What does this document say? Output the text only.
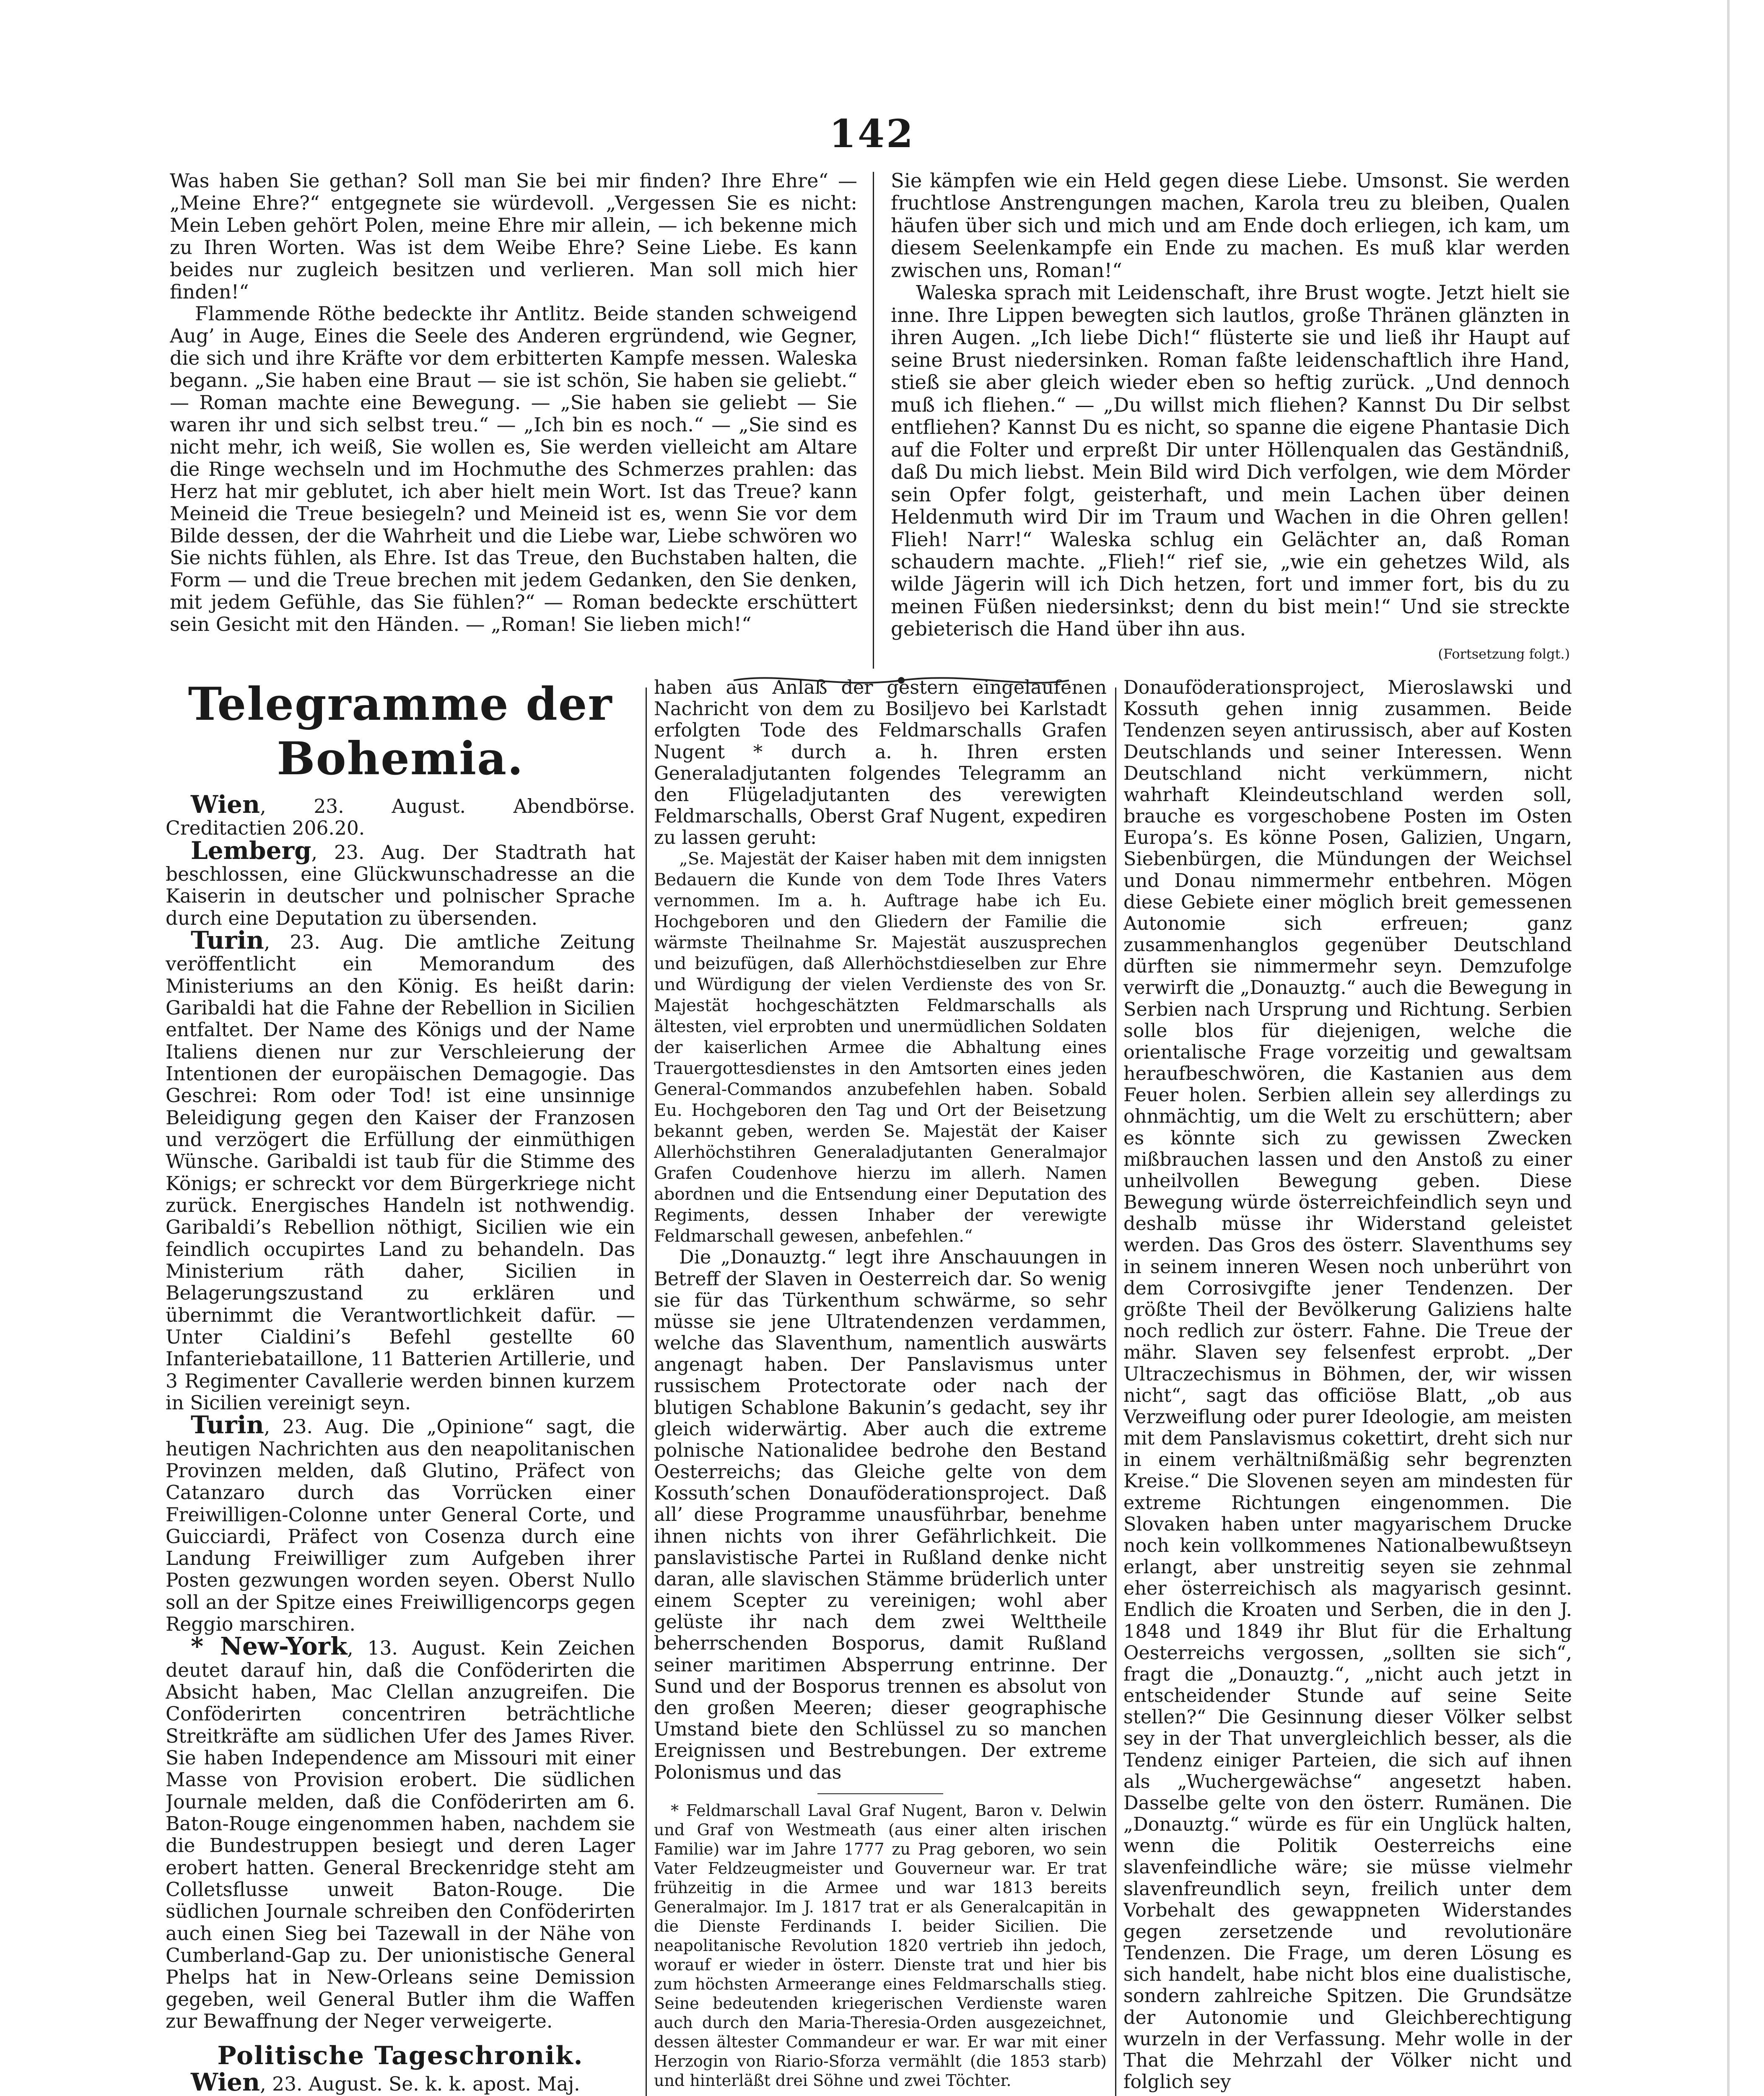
142

Was haben Sie gethan? Soll man Sie bei mir finden? Ihre Ehre“ — „Meine Ehre?“ entgegnete sie würdevoll. „Vergessen Sie es nicht: Mein Leben gehört Polen, meine Ehre mir allein, — ich bekenne mich zu Ihren Worten. Was ist dem Weibe Ehre? Seine Liebe. Es kann beides nur zugleich besitzen und verlieren. Man soll mich hier finden!“

Flammende Röthe bedeckte ihr Antlitz. Beide standen schweigend Aug’ in Auge, Eines die Seele des Anderen ergründend, wie Gegner, die sich und ihre Kräfte vor dem erbitterten Kampfe messen. Waleska begann. „Sie haben eine Braut — sie ist schön, Sie haben sie geliebt.“ — Roman machte eine Bewegung. — „Sie haben sie geliebt — Sie waren ihr und sich selbst treu.“ — „Ich bin es noch.“ — „Sie sind es nicht mehr, ich weiß, Sie wollen es, Sie werden vielleicht am Altare die Ringe wechseln und im Hochmuthe des Schmerzes prahlen: das Herz hat mir geblutet, ich aber hielt mein Wort. Ist das Treue? kann Meineid die Treue besiegeln? und Meineid ist es, wenn Sie vor dem Bilde dessen, der die Wahrheit und die Liebe war, Liebe schwören wo Sie nichts fühlen, als Ehre. Ist das Treue, den Buchstaben halten, die Form — und die Treue brechen mit jedem Gedanken, den Sie denken, mit jedem Gefühle, das Sie fühlen?“ — Roman bedeckte erschüttert sein Gesicht mit den Händen. — „Roman! Sie lieben mich!“

Sie kämpfen wie ein Held gegen diese Liebe. Umsonst. Sie werden fruchtlose Anstrengungen machen, Karola treu zu bleiben, Qualen häufen über sich und mich und am Ende doch erliegen, ich kam, um diesem Seelenkampfe ein Ende zu machen. Es muß klar werden zwischen uns, Roman!“

Waleska sprach mit Leidenschaft, ihre Brust wogte. Jetzt hielt sie inne. Ihre Lippen bewegten sich lautlos, große Thränen glänzten in ihren Augen. „Ich liebe Dich!“ flüsterte sie und ließ ihr Haupt auf seine Brust niedersinken. Roman faßte leidenschaftlich ihre Hand, stieß sie aber gleich wieder eben so heftig zurück. „Und dennoch muß ich fliehen.“ — „Du willst mich fliehen? Kannst Du Dir selbst entfliehen? Kannst Du es nicht, so spanne die eigene Phantasie Dich auf die Folter und erpreßt Dir unter Höllenqualen das Geständniß, daß Du mich liebst. Mein Bild wird Dich verfolgen, wie dem Mörder sein Opfer folgt, geisterhaft, und mein Lachen über deinen Heldenmuth wird Dir im Traum und Wachen in die Ohren gellen! Flieh! Narr!“ Waleska schlug ein Gelächter an, daß Roman schaudern machte. „Flieh!“ rief sie, „wie ein gehetzes Wild, als wilde Jägerin will ich Dich hetzen, fort und immer fort, bis du zu meinen Füßen niedersinkst; denn du bist mein!“ Und sie streckte gebieterisch die Hand über ihn aus.

(Fortsetzung folgt.)
Telegramme der Bohemia.

Wien, 23. August. Abendbörse. Creditactien 206.20.

Lemberg, 23. Aug. Der Stadtrath hat beschlossen, eine Glückwunschadresse an die Kaiserin in deutscher und polnischer Sprache durch eine Deputation zu übersenden.

Turin, 23. Aug. Die amtliche Zeitung veröffentlicht ein Memorandum des Ministeriums an den König. Es heißt darin: Garibaldi hat die Fahne der Rebellion in Sicilien entfaltet. Der Name des Königs und der Name Italiens dienen nur zur Verschleierung der Intentionen der europäischen Demagogie. Das Geschrei: Rom oder Tod! ist eine unsinnige Beleidigung gegen den Kaiser der Franzosen und verzögert die Erfüllung der einmüthigen Wünsche. Garibaldi ist taub für die Stimme des Königs; er schreckt vor dem Bürgerkriege nicht zurück. Energisches Handeln ist nothwendig. Garibaldi’s Rebellion nöthigt, Sicilien wie ein feindlich occupirtes Land zu behandeln. Das Ministerium räth daher, Sicilien in Belagerungszustand zu erklären und übernimmt die Verantwortlichkeit dafür. — Unter Cialdini’s Befehl gestellte 60 Infanteriebataillone, 11 Batterien Artillerie, und 3 Regimenter Cavallerie werden binnen kurzem in Sicilien vereinigt seyn.

Turin, 23. Aug. Die „Opinione“ sagt, die heutigen Nachrichten aus den neapolitanischen Provinzen melden, daß Glutino, Präfect von Catanzaro durch das Vorrücken einer Freiwilligen-Colonne unter General Corte, und Guicciardi, Präfect von Cosenza durch eine Landung Freiwilliger zum Aufgeben ihrer Posten gezwungen worden seyen. Oberst Nullo soll an der Spitze eines Freiwilligencorps gegen Reggio marschiren.

* New-York, 13. August. Kein Zeichen deutet darauf hin, daß die Conföderirten die Absicht haben, Mac Clellan anzugreifen. Die Conföderirten concentriren beträchtliche Streitkräfte am südlichen Ufer des James River. Sie haben Independence am Missouri mit einer Masse von Provision erobert. Die südlichen Journale melden, daß die Conföderirten am 6. Baton-Rouge eingenommen haben, nachdem sie die Bundestruppen besiegt und deren Lager erobert hatten. General Breckenridge steht am Colletsflusse unweit Baton-Rouge. Die südlichen Journale schreiben den Conföderirten auch einen Sieg bei Tazewall in der Nähe von Cumberland-Gap zu. Der unionistische General Phelps hat in New-Orleans seine Demission gegeben, weil General Butler ihm die Waffen zur Bewaffnung der Neger verweigerte.

Politische Tageschronik.

Wien, 23. August. Se. k. k. apost. Maj.

haben aus Anlaß der gestern eingelaufenen Nachricht von dem zu Bosiljevo bei Karlstadt erfolgten Tode des Feldmarschalls Grafen Nugent * durch a. h. Ihren ersten Generaladjutanten folgendes Telegramm an den Flügeladjutanten des verewigten Feldmarschalls, Oberst Graf Nugent, expediren zu lassen geruht:

„Se. Majestät der Kaiser haben mit dem innigsten Bedauern die Kunde von dem Tode Ihres Vaters vernommen. Im a. h. Auftrage habe ich Eu. Hochgeboren und den Gliedern der Familie die wärmste Theilnahme Sr. Majestät auszusprechen und beizufügen, daß Allerhöchstdieselben zur Ehre und Würdigung der vielen Verdienste des von Sr. Majestät hochgeschätzten Feldmarschalls als ältesten, viel erprobten und unermüdlichen Soldaten der kaiserlichen Armee die Abhaltung eines Trauergottesdienstes in den Amtsorten eines jeden General-Commandos anzubefehlen haben. Sobald Eu. Hochgeboren den Tag und Ort der Beisetzung bekannt geben, werden Se. Majestät der Kaiser Allerhöchstihren Generaladjutanten Generalmajor Grafen Coudenhove hierzu im allerh. Namen abordnen und die Entsendung einer Deputation des Regiments, dessen Inhaber der verewigte Feldmarschall gewesen, anbefehlen.“

Die „Donauztg.“ legt ihre Anschauungen in Betreff der Slaven in Oesterreich dar. So wenig sie für das Türkenthum schwärme, so sehr müsse sie jene Ultratendenzen verdammen, welche das Slaventhum, namentlich auswärts angenagt haben. Der Panslavismus unter russischem Protectorate oder nach der blutigen Schablone Bakunin’s gedacht, sey ihr gleich widerwärtig. Aber auch die extreme polnische Nationalidee bedrohe den Bestand Oesterreichs; das Gleiche gelte von dem Kossuth’schen Donauföderationsproject. Daß all’ diese Programme unausführbar, benehme ihnen nichts von ihrer Gefährlichkeit. Die panslavistische Partei in Rußland denke nicht daran, alle slavischen Stämme brüderlich unter einem Scepter zu vereinigen; wohl aber gelüste ihr nach dem zwei Welttheile beherrschenden Bosporus, damit Rußland seiner maritimen Absperrung entrinne. Der Sund und der Bosporus trennen es absolut von den großen Meeren; dieser geographische Umstand biete den Schlüssel zu so manchen Ereignissen und Bestrebungen. Der extreme Polonismus und das

* Feldmarschall Laval Graf Nugent, Baron v. Delwin und Graf von Westmeath (aus einer alten irischen Familie) war im Jahre 1777 zu Prag geboren, wo sein Vater Feldzeugmeister und Gouverneur war. Er trat frühzeitig in die Armee und war 1813 bereits Generalmajor. Im J. 1817 trat er als Generalcapitän in die Dienste Ferdinands I. beider Sicilien. Die neapolitanische Revolution 1820 vertrieb ihn jedoch, worauf er wieder in österr. Dienste trat und hier bis zum höchsten Armeerange eines Feldmarschalls stieg. Seine bedeutenden kriegerischen Verdienste waren auch durch den Maria-Theresia-Orden ausgezeichnet, dessen ältester Commandeur er war. Er war mit einer Herzogin von Riario-Sforza vermählt (die 1853 starb) und hinterläßt drei Söhne und zwei Töchter.

Donauföderationsproject, Mieroslawski und Kossuth gehen innig zusammen. Beide Tendenzen seyen antirussisch, aber auf Kosten Deutschlands und seiner Interessen. Wenn Deutschland nicht verkümmern, nicht wahrhaft Kleindeutschland werden soll, brauche es vorgeschobene Posten im Osten Europa’s. Es könne Posen, Galizien, Ungarn, Siebenbürgen, die Mündungen der Weichsel und Donau nimmermehr entbehren. Mögen diese Gebiete einer möglich breit gemessenen Autonomie sich erfreuen; ganz zusammenhanglos gegenüber Deutschland dürften sie nimmermehr seyn. Demzufolge verwirft die „Donauztg.“ auch die Bewegung in Serbien nach Ursprung und Richtung. Serbien solle blos für diejenigen, welche die orientalische Frage vorzeitig und gewaltsam heraufbeschwören, die Kastanien aus dem Feuer holen. Serbien allein sey allerdings zu ohnmächtig, um die Welt zu erschüttern; aber es könnte sich zu gewissen Zwecken mißbrauchen lassen und den Anstoß zu einer unheilvollen Bewegung geben. Diese Bewegung würde österreichfeindlich seyn und deshalb müsse ihr Widerstand geleistet werden. Das Gros des österr. Slaventhums sey in seinem inneren Wesen noch unberührt von dem Corrosivgifte jener Tendenzen. Der größte Theil der Bevölkerung Galiziens halte noch redlich zur österr. Fahne. Die Treue der mähr. Slaven sey felsenfest erprobt. „Der Ultraczechismus in Böhmen, der, wir wissen nicht“, sagt das officiöse Blatt, „ob aus Verzweiflung oder purer Ideologie, am meisten mit dem Panslavismus cokettirt, dreht sich nur in einem verhältnißmäßig sehr begrenzten Kreise.“ Die Slovenen seyen am mindesten für extreme Richtungen eingenommen. Die Slovaken haben unter magyarischem Drucke noch kein vollkommenes Nationalbewußtseyn erlangt, aber unstreitig seyen sie zehnmal eher österreichisch als magyarisch gesinnt. Endlich die Kroaten und Serben, die in den J. 1848 und 1849 ihr Blut für die Erhaltung Oesterreichs vergossen, „sollten sie sich“, fragt die „Donauztg.“, „nicht auch jetzt in entscheidender Stunde auf seine Seite stellen?“ Die Gesinnung dieser Völker selbst sey in der That unvergleichlich besser, als die Tendenz einiger Parteien, die sich auf ihnen als „Wuchergewächse“ angesetzt haben. Dasselbe gelte von den österr. Rumänen. Die „Donauztg.“ würde es für ein Unglück halten, wenn die Politik Oesterreichs eine slavenfeindliche wäre; sie müsse vielmehr slavenfreundlich seyn, freilich unter dem Vorbehalt des gewappneten Widerstandes gegen zersetzende und revolutionäre Tendenzen. Die Frage, um deren Lösung es sich handelt, habe nicht blos eine dualistische, sondern zahlreiche Spitzen. Die Grundsätze der Autonomie und Gleichberechtigung wurzeln in der Verfassung. Mehr wolle in der That die Mehrzahl der Völker nicht und folglich sey
